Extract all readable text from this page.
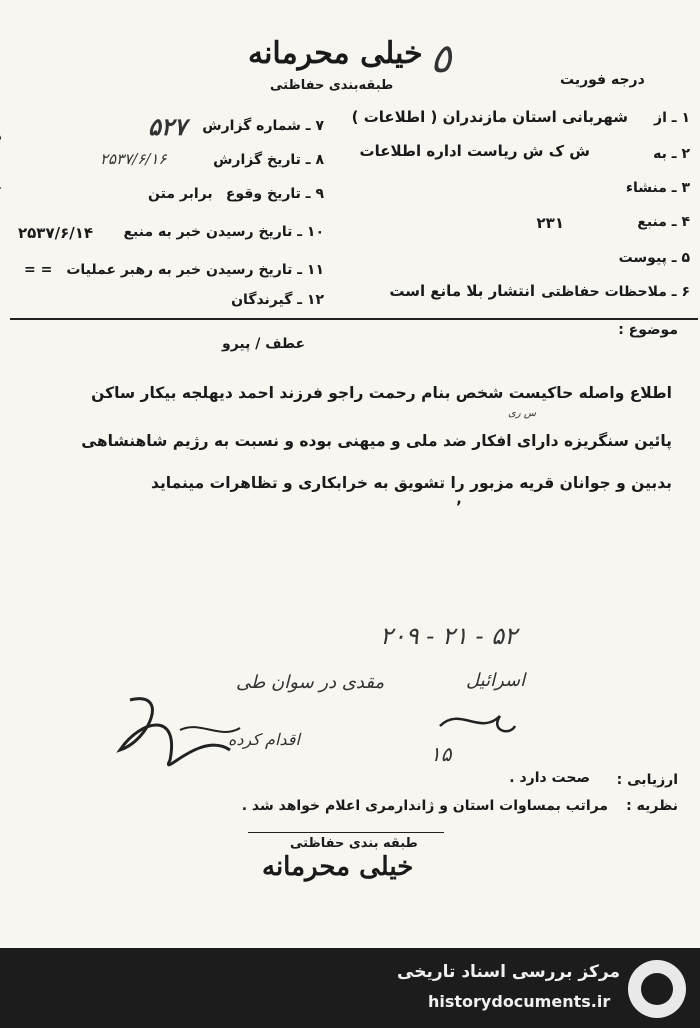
خیلی محرمانه ٥
طبقه‌بندی حفاظتی	درجه فوریت
۱ ـ از
شهربانی استان مازندران ( اطلاعات )
۲ ـ به
ش ک ش ریاست اداره اطلاعات
۳ ـ منشاء
۴ ـ منبع
۲۳۱
۵ ـ پیوست
۶ ـ ملاحظات حفاظتی
انتشار بلا مانع است
۷ ـ شماره گزارش
۵۲۷
۸ ـ تاریخ گزارش
۲۵۳۷/۶/۱۶
۹ ـ تاریخ وقوع
برابر متن
۱۰ ـ تاریخ رسیدن خبر به منبع
۲۵۳۷/۶/۱۴
۱۱ ـ تاریخ رسیدن خبر به رهبر عملیات
= =
۱۲ ـ گیرندگان
موضوع :
عطف / پیرو
س ری
اطلاع واصله حاکیست شخص بنام رحمت راجو فرزند احمد دیهلجه بیکار ساکن
پائین سنگریزه دارای افکار ضد ملی و میهنی بوده و نسبت به رژیم شاهنشاهی
بدبین و جوانان قریه مزبور را تشویق به خرابکاری و تظاهرات مینماید
٬
۲۰۹ - ۲۱ - ۵۲
مقدی در سوان طی
اقدام کرده
اسرائیل
۱۵
ارزیابی :
صحت دارد .
نظریه :
مراتب بمساوات استان و ژاندارمری اعلام خواهد شد .
طبقه بندی حفاظتی
خیلی محرمانه
مرکز بررسی اسناد تاریخی
historydocuments.ir
